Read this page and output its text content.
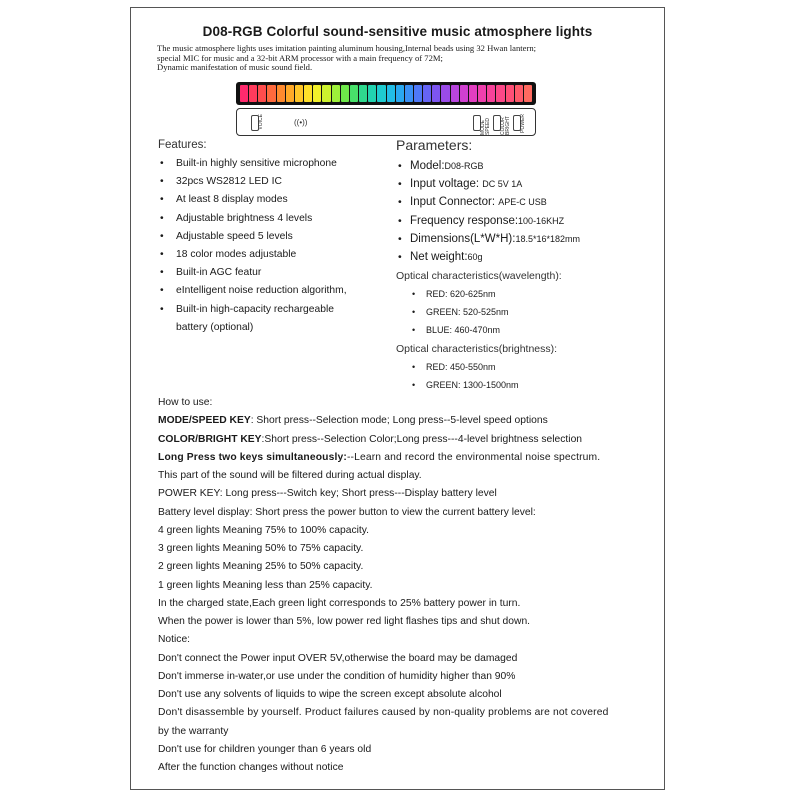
D08-RGB Colorful sound-sensitive music atmosphere lights
The music atmosphere lights uses imitation painting aluminum housing,Internal beads using 32 Hwan lantern;
special MIC for music and a 32-bit ARM processor with a main frequency of 72M;
Dynamic manifestation of music sound field.
VOICE	((•))	MODE SPEED COLOR BRIGHT POWER
Features:
• Built-in highly sensitive microphone
• 32pcs WS2812 LED IC
• At least 8 display modes
• Adjustable brightness 4 levels
• Adjustable speed 5 levels
• 18 color modes adjustable
• Built-in AGC featur
• eIntelligent noise reduction algorithm,
• Built-in high-capacity rechargeable
battery (optional)
Parameters:
• Model:D08-RGB
• Input voltage: DC 5V 1A
• Input Connector: APE-C USB
• Frequency response:100-16KHZ
• Dimensions(L*W*H):18.5*16*182mm
• Net weight:60g
Optical characteristics(wavelength):
• RED: 620-625nm
• GREEN: 520-525nm
• BLUE: 460-470nm
Optical characteristics(brightness):
• RED: 450-550nm
• GREEN: 1300-1500nm
How to use:
MODE/SPEED KEY: Short press--Selection mode; Long press--5-level speed options
COLOR/BRIGHT KEY:Short press--Selection Color;Long press---4-level brightness selection
Long Press two keys simultaneously:--Learn and record the environmental noise spectrum.
This part of the sound will be filtered during actual display.
POWER KEY: Long press---Switch key; Short press---Display battery level
Battery level display: Short press the power button to view the current battery level:
4 green lights Meaning 75% to 100% capacity.
3 green lights Meaning 50% to 75% capacity.
2 green lights Meaning 25% to 50% capacity.
1 green lights Meaning less than 25% capacity.
In the charged state,Each green light corresponds to 25% battery power in turn.
When the power is lower than 5%, low power red light flashes tips and shut down.
Notice:
Don't connect the Power input OVER 5V,otherwise the board may be damaged
Don't immerse in-water,or use under the condition of humidity higher than 90%
Don't use any solvents of liquids to wipe the screen except absolute alcohol
Don't disassemble by yourself. Product failures caused by non-quality problems are not covered
by the warranty
Don't use for children younger than 6 years old
After the function changes without notice
